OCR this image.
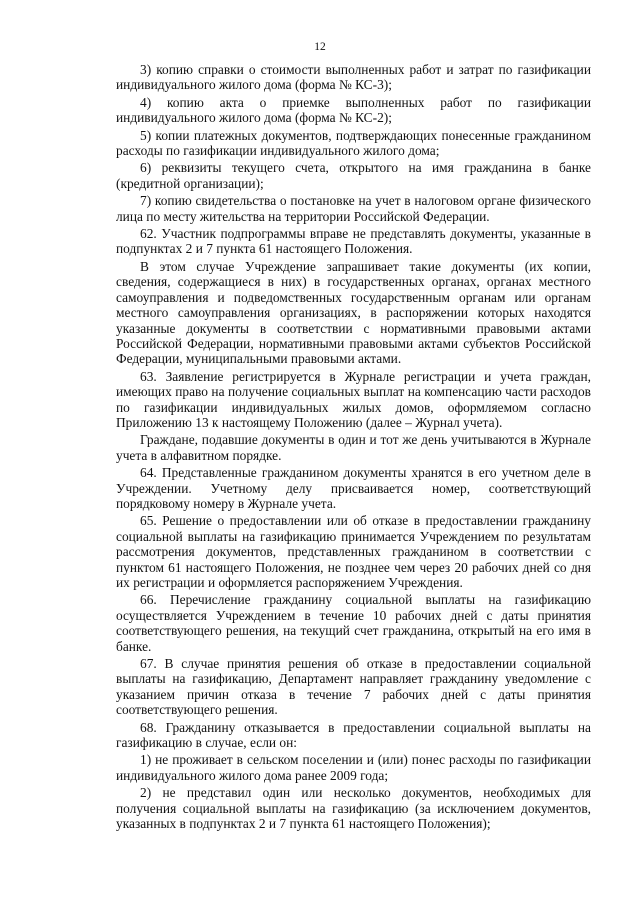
12

3) копию справки о стоимости выполненных работ и затрат по газификации индивидуального жилого дома (форма № КС-3);

4) копию акта о приемке выполненных работ по газификации индивидуального жилого дома (форма № КС-2);

5) копии платежных документов, подтверждающих понесенные гражданином расходы по газификации индивидуального жилого дома;

6) реквизиты текущего счета, открытого на имя гражданина в банке (кредитной организации);

7) копию свидетельства о постановке на учет в налоговом органе физического лица по месту жительства на территории Российской Федерации.

62. Участник подпрограммы вправе не представлять документы, указанные в подпунктах 2 и 7 пункта 61 настоящего Положения.

В этом случае Учреждение запрашивает такие документы (их копии, сведения, содержащиеся в них) в государственных органах, органах местного самоуправления и подведомственных государственным органам или органам местного самоуправления организациях, в распоряжении которых находятся указанные документы в соответствии с нормативными правовыми актами Российской Федерации, нормативными правовыми актами субъектов Российской Федерации, муниципальными правовыми актами.

63. Заявление регистрируется в Журнале регистрации и учета граждан, имеющих право на получение социальных выплат на компенсацию части расходов по газификации индивидуальных жилых домов, оформляемом согласно Приложению 13 к настоящему Положению (далее – Журнал учета).

Граждане, подавшие документы в один и тот же день учитываются в Журнале учета в алфавитном порядке.

64. Представленные гражданином документы хранятся в его учетном деле в Учреждении. Учетному делу присваивается номер, соответствующий порядковому номеру в Журнале учета.

65. Решение о предоставлении или об отказе в предоставлении гражданину социальной выплаты на газификацию принимается Учреждением по результатам рассмотрения документов, представленных гражданином в соответствии с пунктом 61 настоящего Положения, не позднее чем через 20 рабочих дней со дня их регистрации и оформляется распоряжением Учреждения.

66. Перечисление гражданину социальной выплаты на газификацию осуществляется Учреждением в течение 10 рабочих дней с даты принятия соответствующего решения, на текущий счет гражданина, открытый на его имя в банке.

67. В случае принятия решения об отказе в предоставлении социальной выплаты на газификацию, Департамент направляет гражданину уведомление с указанием причин отказа в течение 7 рабочих дней с даты принятия соответствующего решения.

68. Гражданину отказывается в предоставлении социальной выплаты на газификацию в случае, если он:

1) не проживает в сельском поселении и (или) понес расходы по газификации индивидуального жилого дома ранее 2009 года;

2) не представил один или несколько документов, необходимых для получения социальной выплаты на газификацию (за исключением документов, указанных в подпунктах 2 и 7 пункта 61 настоящего Положения);
